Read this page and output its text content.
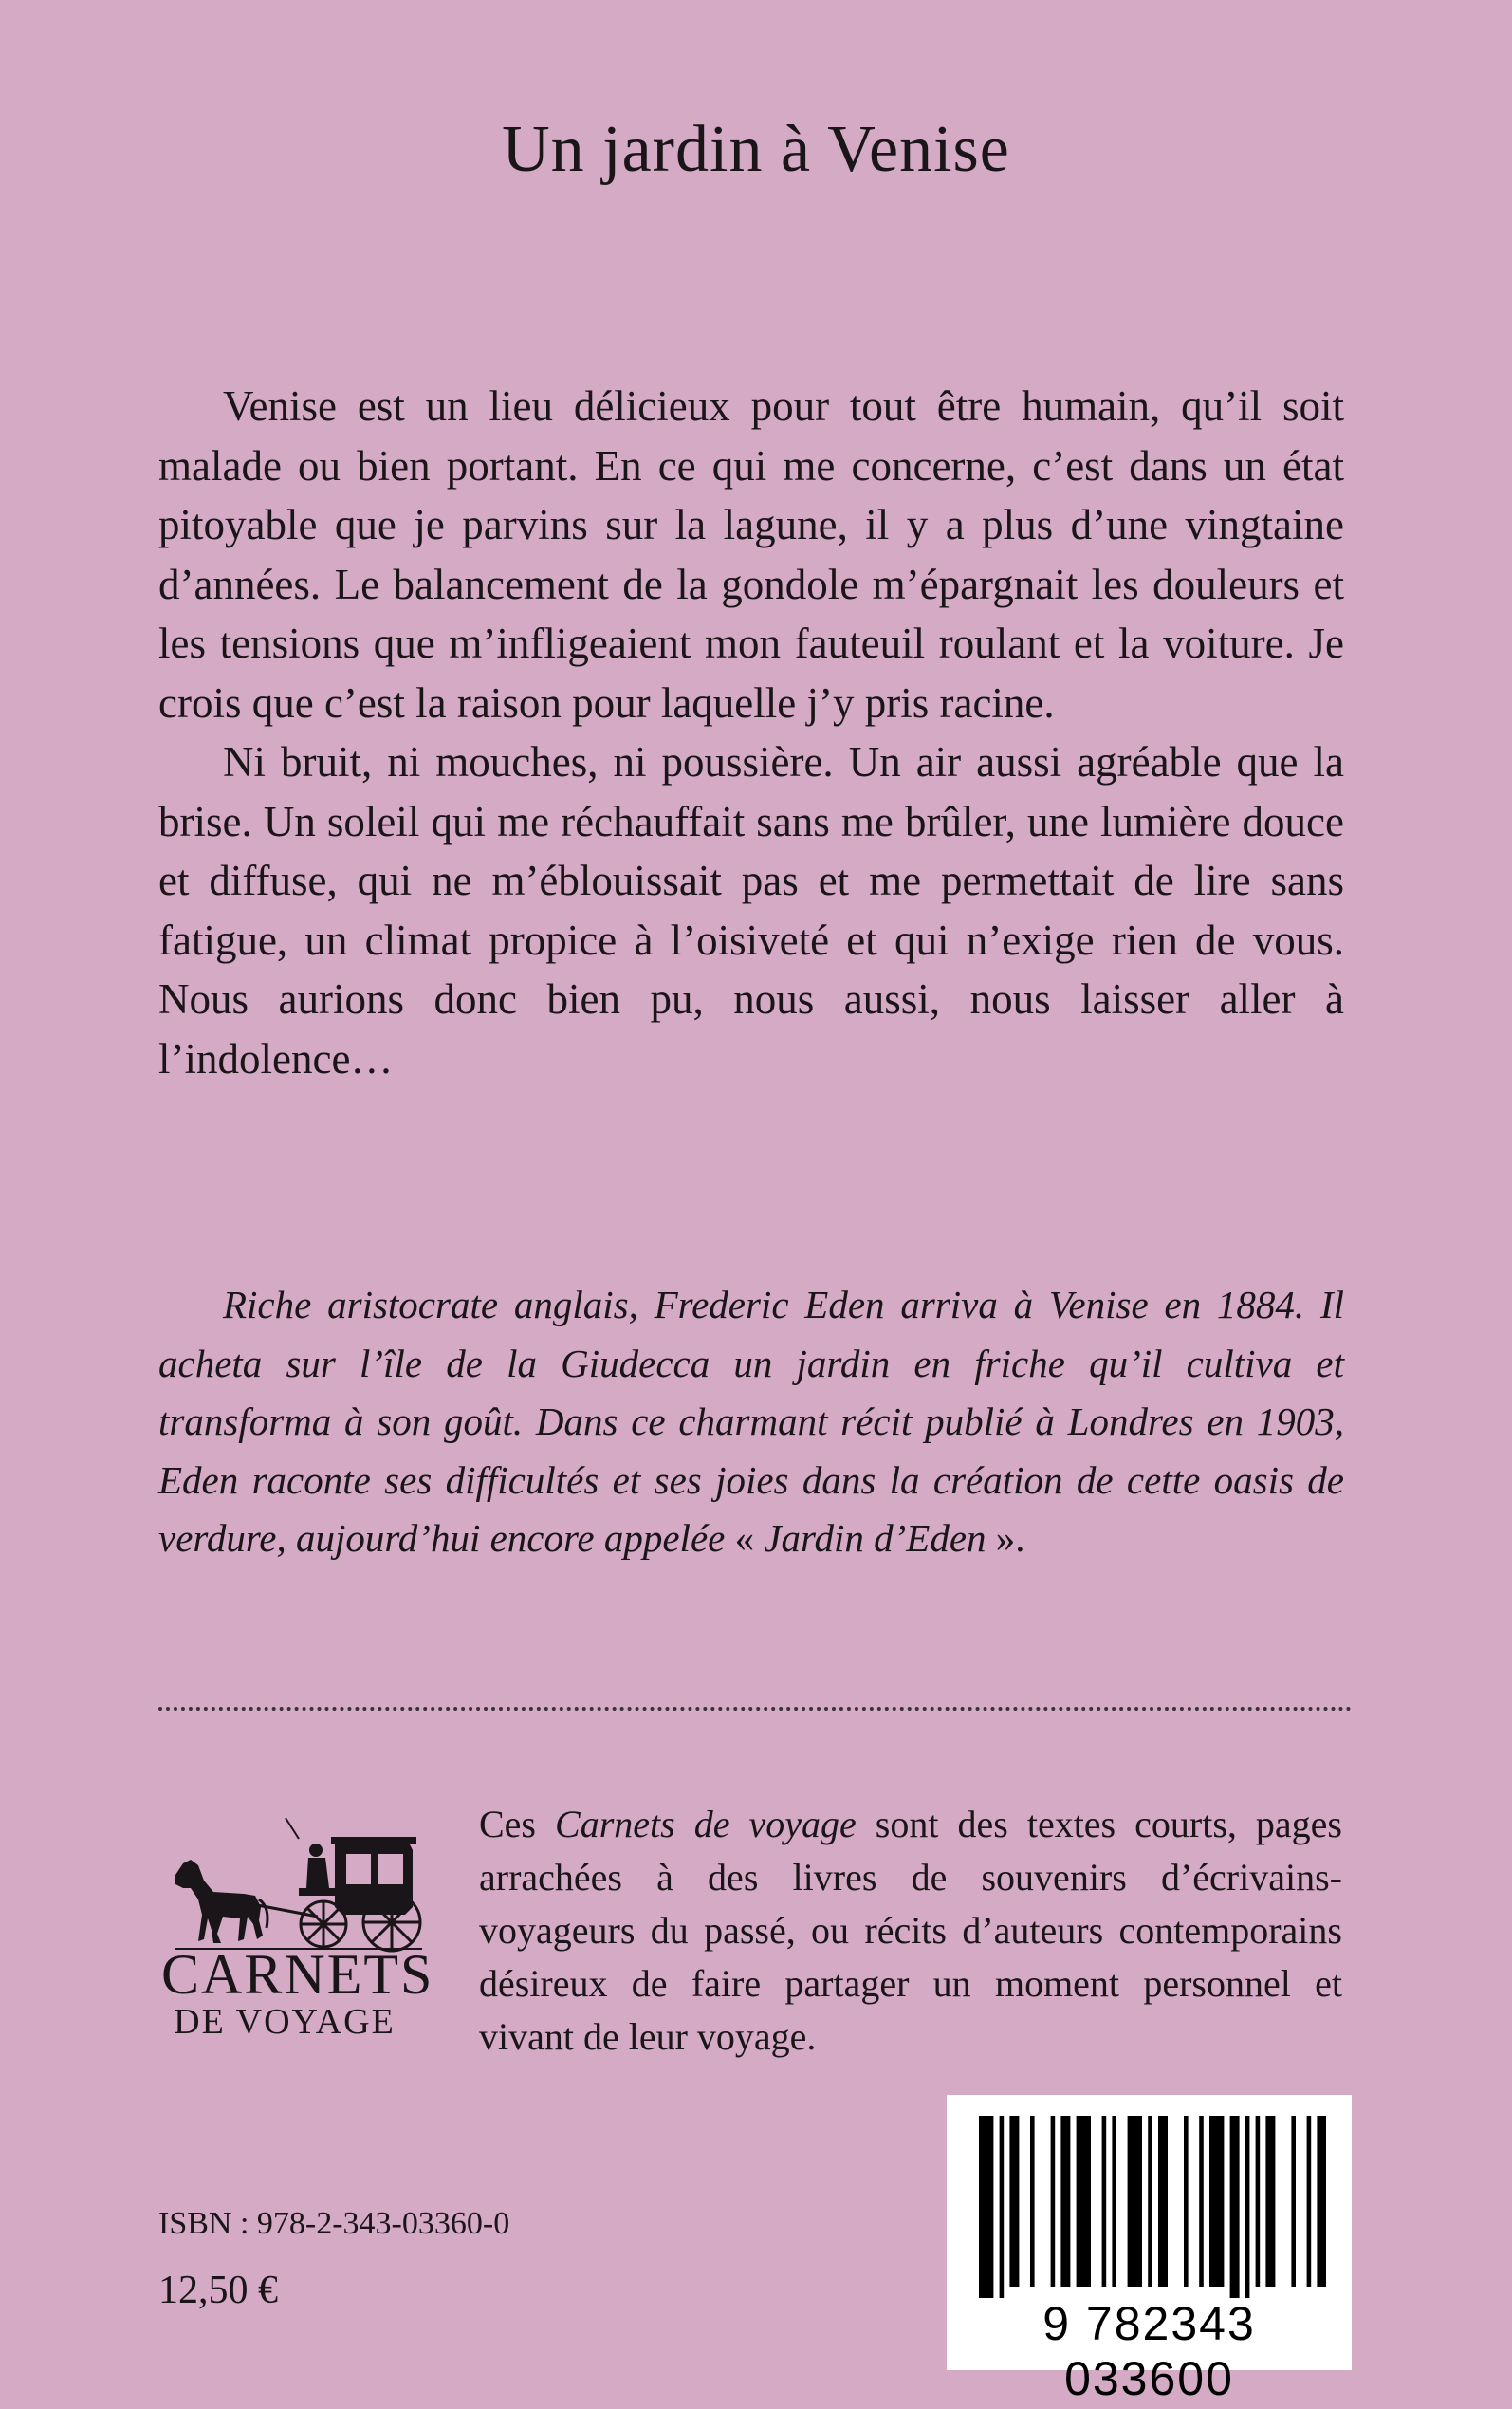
Un jardin à Venise

Venise est un lieu délicieux pour tout être humain, qu’il soit malade ou bien portant. En ce qui me concerne, c’est dans un état pitoyable que je parvins sur la lagune, il y a plus d’une vingtaine d’années. Le balancement de la gondole m’épargnait les douleurs et les tensions que m’infligeaient mon fauteuil roulant et la voiture. Je crois que c’est la raison pour laquelle j’y pris racine.

Ni bruit, ni mouches, ni poussière. Un air aussi agréable que la brise. Un soleil qui me réchauffait sans me brûler, une lumière douce et diffuse, qui ne m’éblouissait pas et me permettait de lire sans fatigue, un climat propice à l’oisiveté et qui n’exige rien de vous. Nous aurions donc bien pu, nous aussi, nous laisser aller à l’indolence…

Riche aristocrate anglais, Frederic Eden arriva à Venise en 1884. Il acheta sur l’île de la Giudecca un jardin en friche qu’il cultiva et transforma à son goût. Dans ce charmant récit publié à Londres en 1903, Eden raconte ses difficultés et ses joies dans la création de cette oasis de verdure, aujourd’hui encore appelée « Jardin d’Eden ».

CARNETS
DE VOYAGE

Ces Carnets de voyage sont des textes courts, pages arrachées à des livres de souvenirs d’écrivains-voyageurs du passé, ou récits d’auteurs contemporains désireux de faire partager un moment personnel et vivant de leur voyage.

ISBN : 978-2-343-03360-0
12,50 €
9 782343 033600
